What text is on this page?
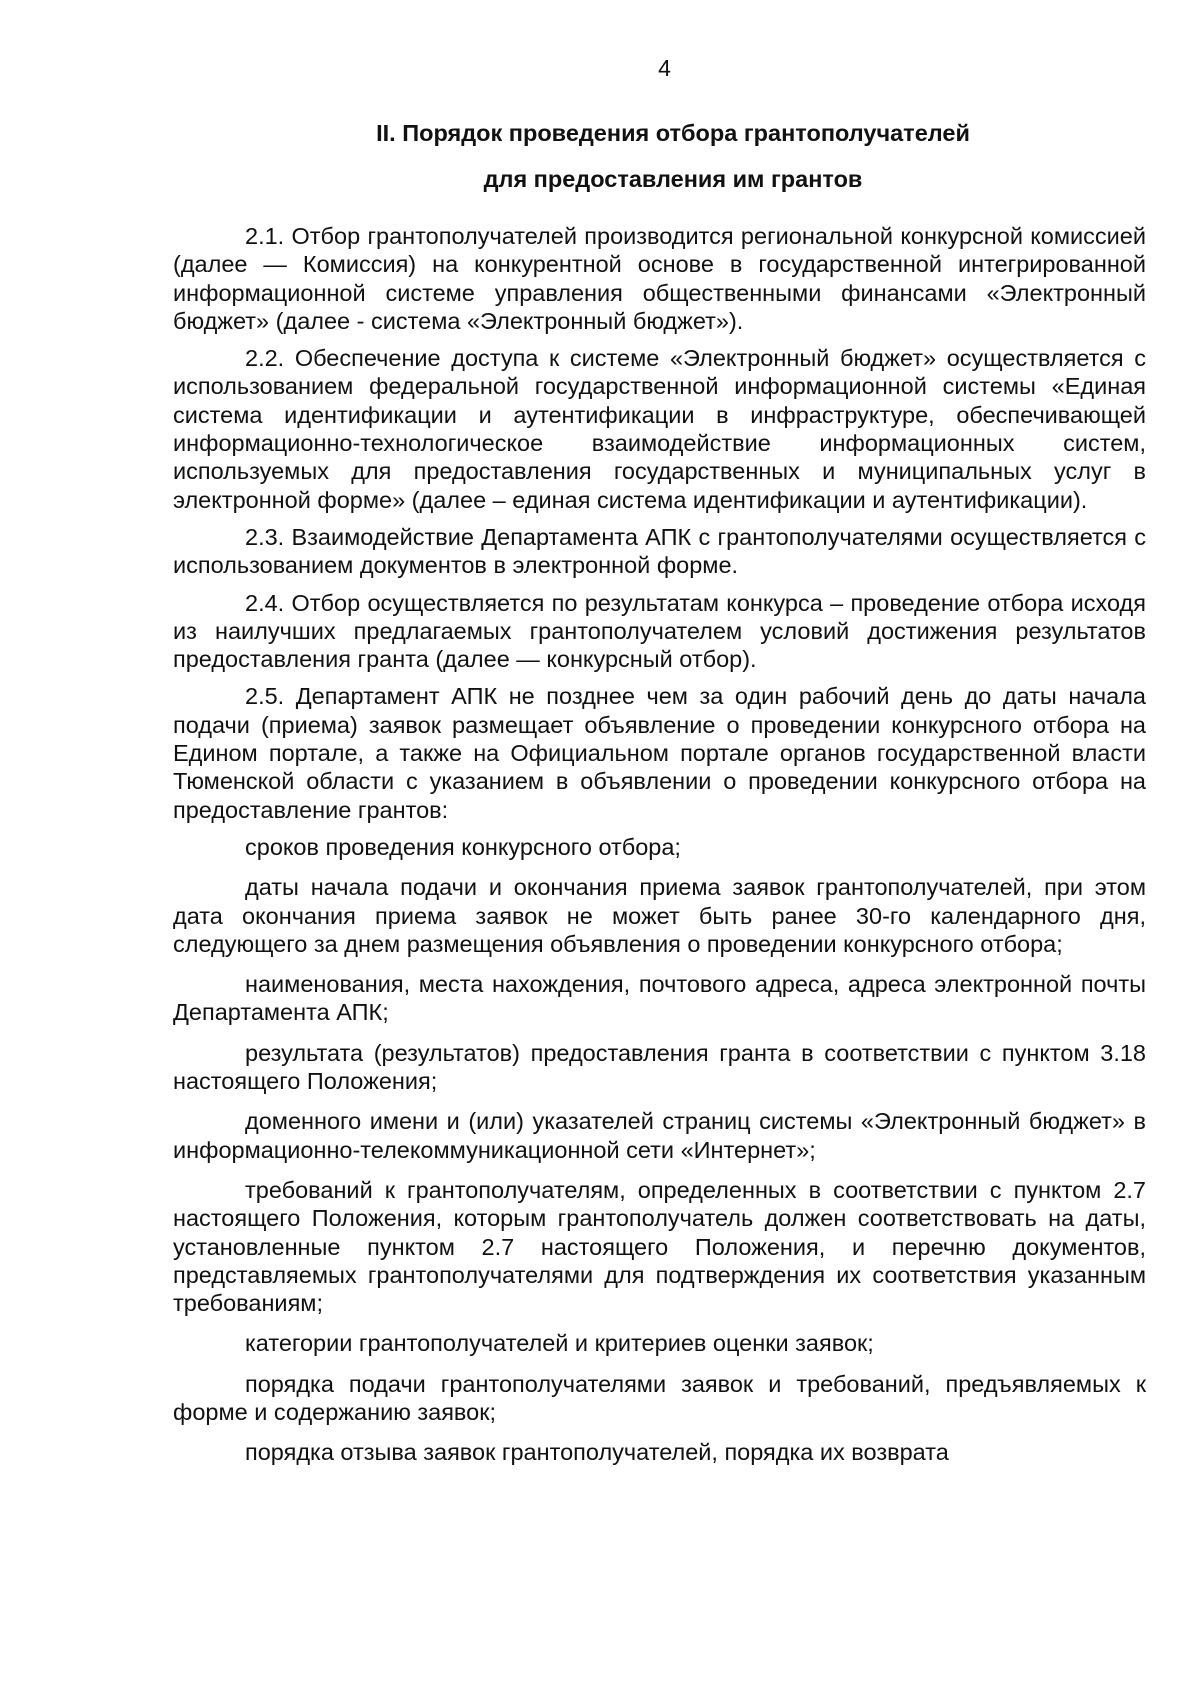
4
II. Порядок проведения отбора грантополучателей
для предоставления им грантов

2.1. Отбор грантополучателей производится региональной конкурсной комиссией (далее — Комиссия) на конкурентной основе в государственной интегрированной информационной системе управления общественными финансами «Электронный бюджет» (далее - система «Электронный бюджет»).

2.2. Обеспечение доступа к системе «Электронный бюджет» осуществляется с использованием федеральной государственной информационной системы «Единая система идентификации и аутентификации в инфраструктуре, обеспечивающей информационно-технологическое взаимодействие информационных систем, используемых для предоставления государственных и муниципальных услуг в электронной форме» (далее – единая система идентификации и аутентификации).

2.3. Взаимодействие Департамента АПК с грантополучателями осуществляется с использованием документов в электронной форме.

2.4. Отбор осуществляется по результатам конкурса – проведение отбора исходя из наилучших предлагаемых грантополучателем условий достижения результатов предоставления гранта (далее — конкурсный отбор).

2.5. Департамент АПК не позднее чем за один рабочий день до даты начала подачи (приема) заявок размещает объявление о проведении конкурсного отбора на Едином портале, а также на Официальном портале органов государственной власти Тюменской области с указанием в объявлении о проведении конкурсного отбора на предоставление грантов:

сроков проведения конкурсного отбора;

даты начала подачи и окончания приема заявок грантополучателей, при этом дата окончания приема заявок не может быть ранее 30-го календарного дня, следующего за днем размещения объявления о проведении конкурсного отбора;

наименования, места нахождения, почтового адреса, адреса электронной почты Департамента АПК;

результата (результатов) предоставления гранта в соответствии с пунктом 3.18 настоящего Положения;

доменного имени и (или) указателей страниц системы «Электронный бюджет» в информационно-телекоммуникационной сети «Интернет»;

требований к грантополучателям, определенных в соответствии с пунктом 2.7 настоящего Положения, которым грантополучатель должен соответствовать на даты, установленные пунктом 2.7 настоящего Положения, и перечню документов, представляемых грантополучателями для подтверждения их соответствия указанным требованиям;

категории грантополучателей и критериев оценки заявок;

порядка подачи грантополучателями заявок и требований, предъявляемых к форме и содержанию заявок;

порядка отзыва заявок грантополучателей, порядка их возврата
